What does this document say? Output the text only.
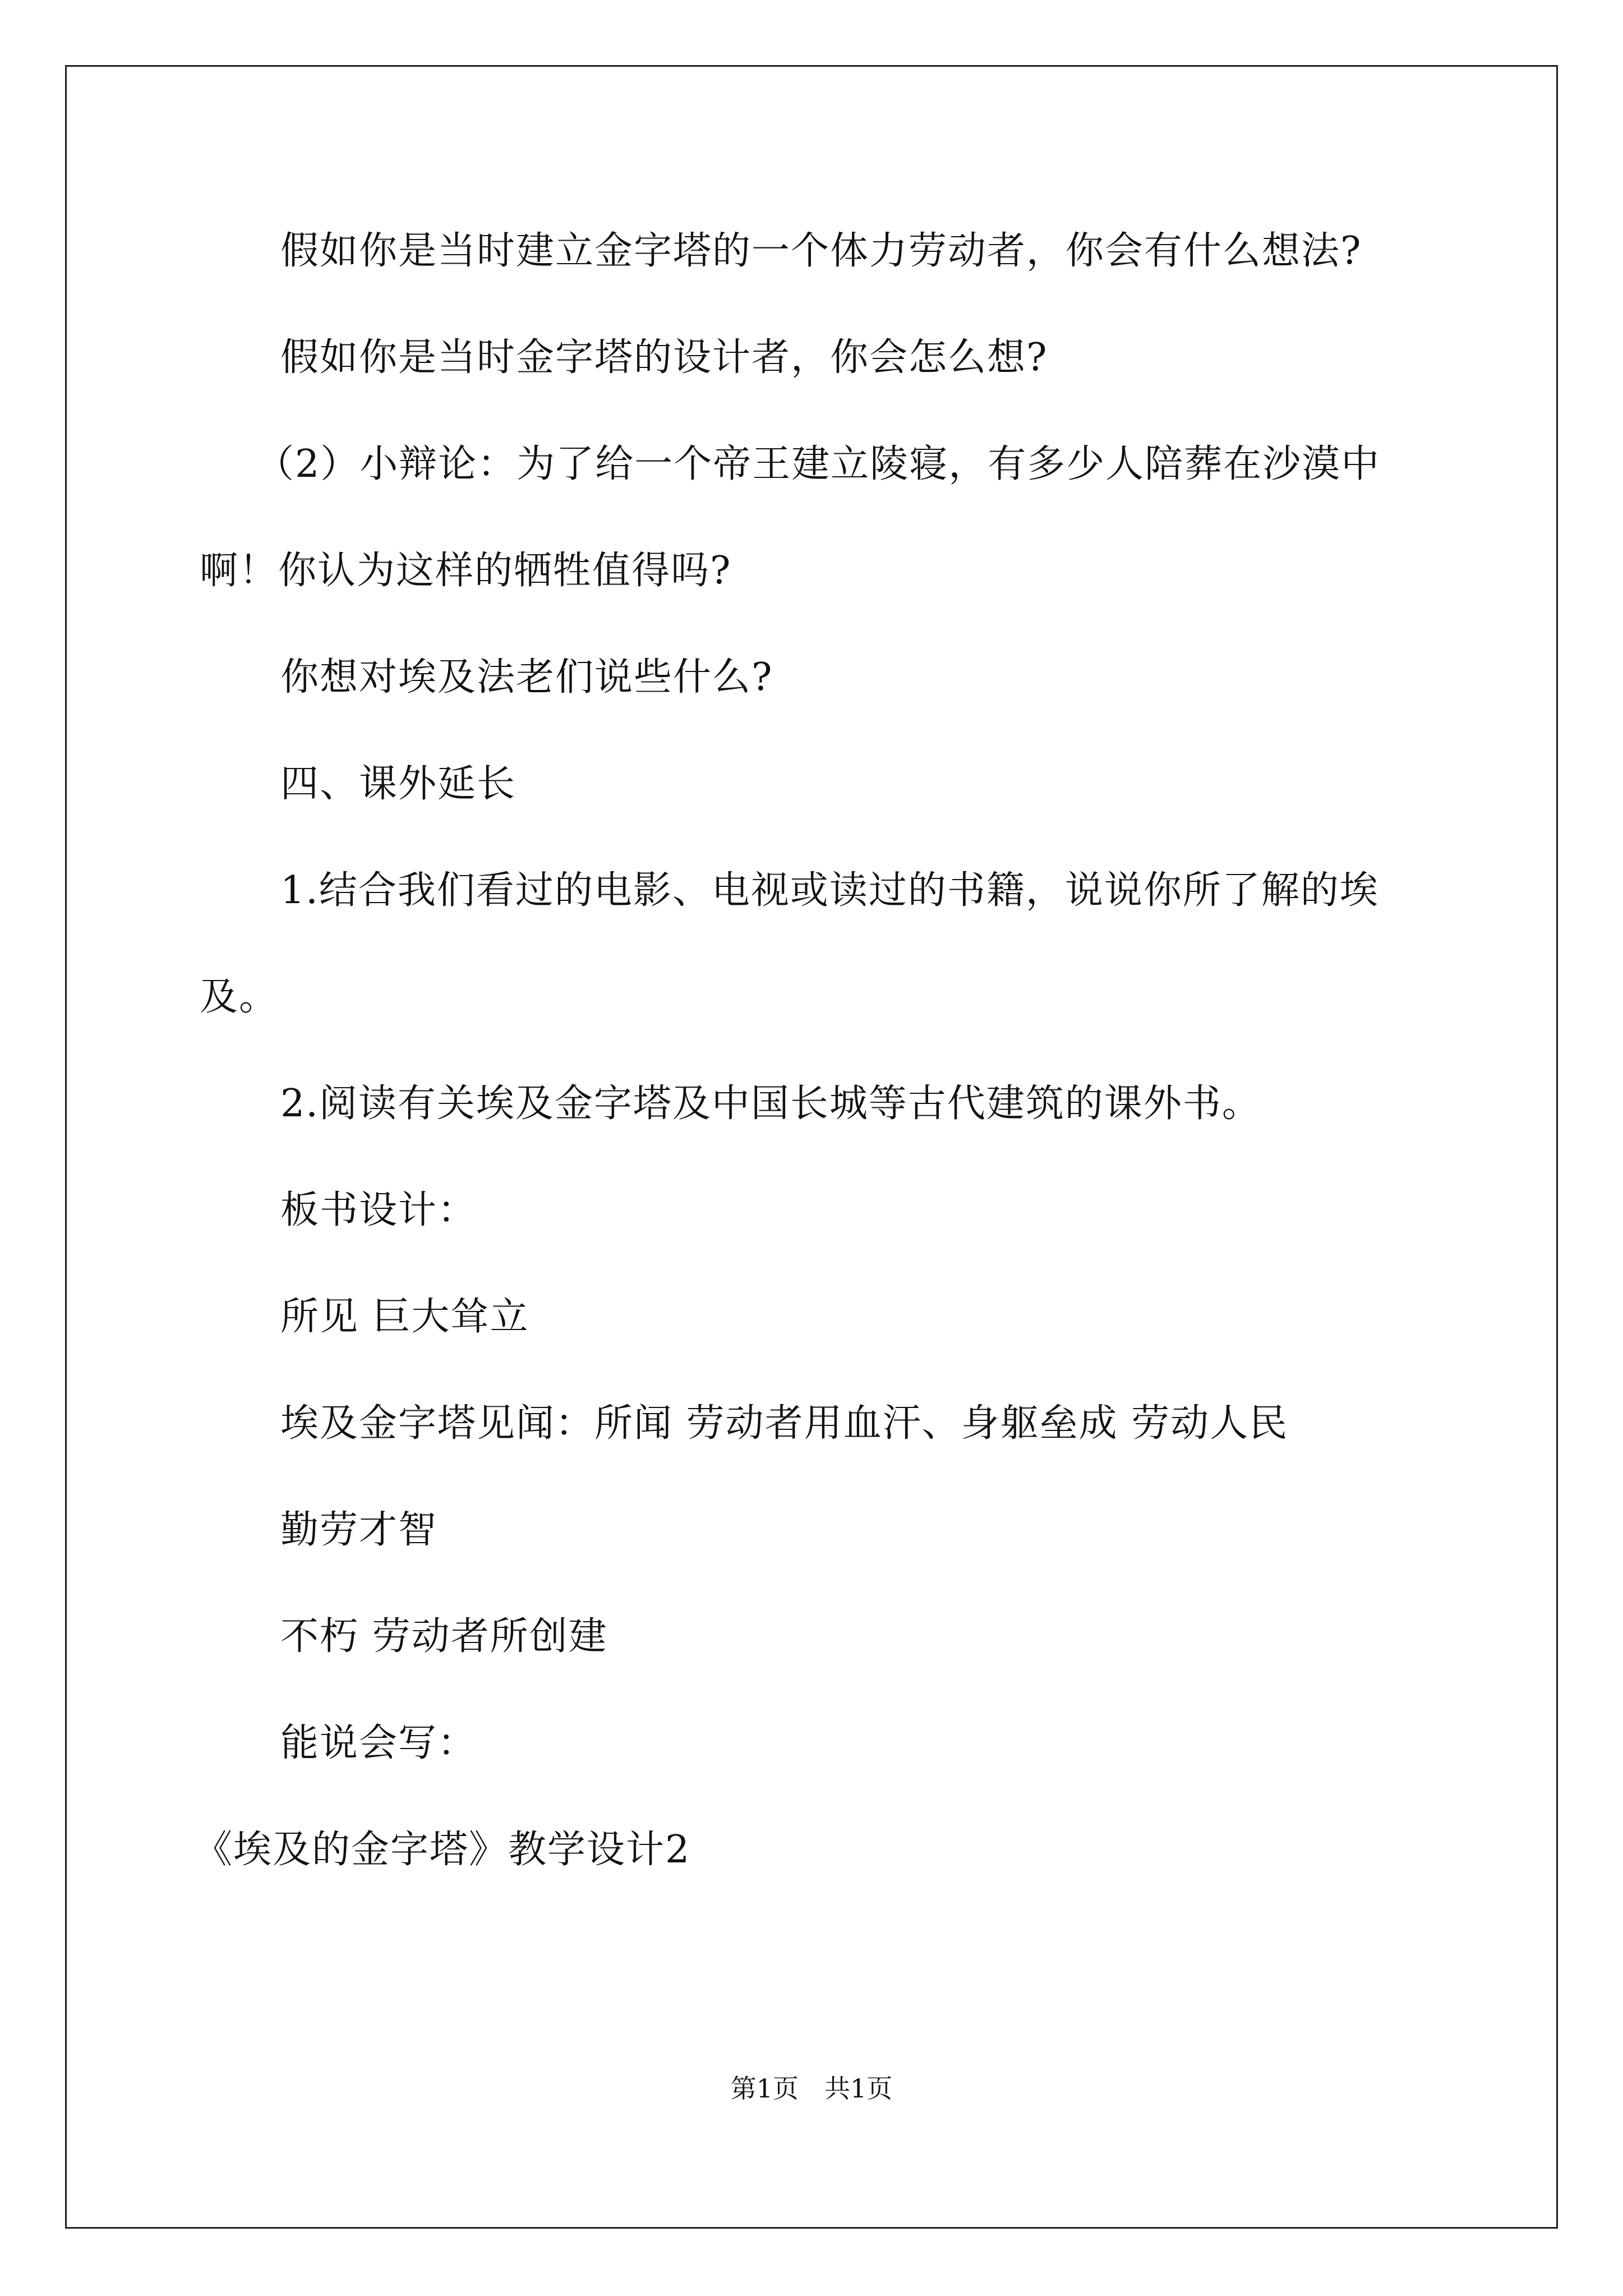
假如你是当时建立金字塔的一个体力劳动者，你会有什么想法?
假如你是当时金字塔的设计者，你会怎么想?
（2）小辩论：为了给一个帝王建立陵寝，有多少人陪葬在沙漠中
啊！你认为这样的牺牲值得吗?
你想对埃及法老们说些什么?
四、课外延长
1.结合我们看过的电影、电视或读过的书籍，说说你所了解的埃
及。
2.阅读有关埃及金字塔及中国长城等古代建筑的课外书。
板书设计：
所见 巨大耸立
埃及金字塔见闻：所闻 劳动者用血汗、身躯垒成 劳动人民
勤劳才智
不朽 劳动者所创建
能说会写：
《埃及的金字塔》教学设计2
第1页　共1页
